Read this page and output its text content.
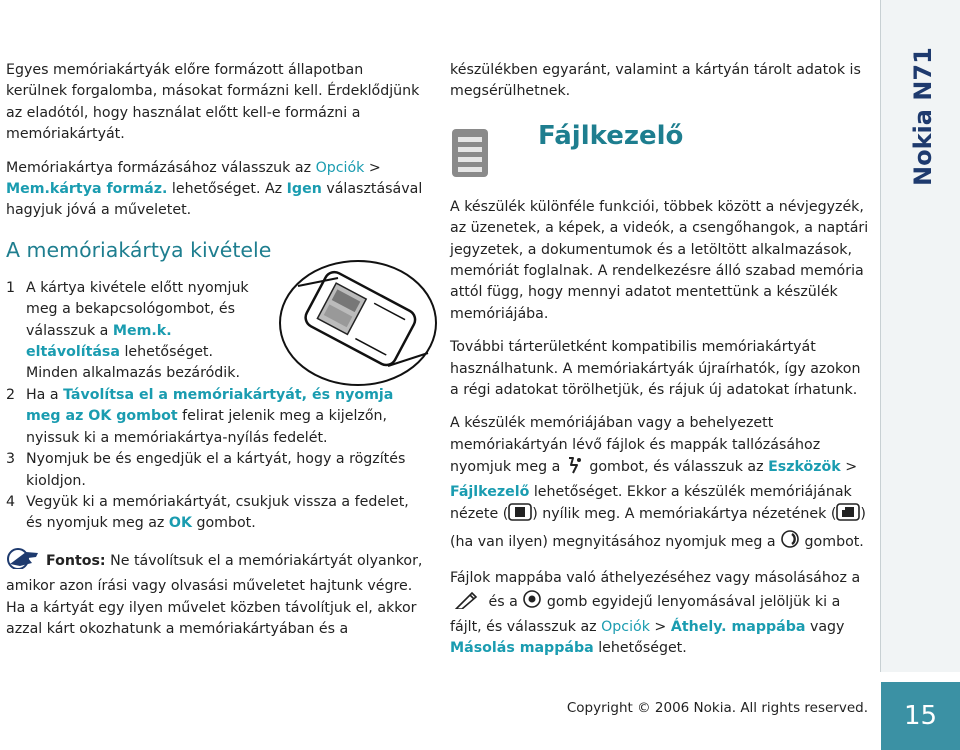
Egyes memóriakártyák előre formázott állapotban kerülnek forgalomba, másokat formázni kell. Érdeklődjünk az eladótól, hogy használat előtt kell-e formázni a memóriakártyát.

Memóriakártya formázásához válasszuk az Opciók > Mem.kártya formáz. lehetőséget. Az Igen választásával hagyjuk jóvá a műveletet.

A memóriakártya kivétele
1 A kártya kivétele előtt nyomjuk meg a bekapcsológombot, és válasszuk a Mem.k. eltávolítása lehetőséget. Minden alkalmazás bezáródik.
2 Ha a Távolítsa el a memóriakártyát, és nyomja meg az OK gombot felirat jelenik meg a kijelzőn, nyissuk ki a memóriakártya-nyílás fedelét.
3 Nyomjuk be és engedjük el a kártyát, hogy a rögzítés kioldjon.
4 Vegyük ki a memóriakártyát, csukjuk vissza a fedelet, és nyomjuk meg az OK gombot.

Fontos: Ne távolítsuk el a memóriakártyát olyankor, amikor azon írási vagy olvasási műveletet hajtunk végre. Ha a kártyát egy ilyen művelet közben távolítjuk el, akkor azzal kárt okozhatunk a memóriakártyában és a

készülékben egyaránt, valamint a kártyán tárolt adatok is megsérülhetnek.

Fájlkezelő

A készülék különféle funkciói, többek között a névjegyzék, az üzenetek, a képek, a videók, a csengőhangok, a naptári jegyzetek, a dokumentumok és a letöltött alkalmazások, memóriát foglalnak. A rendelkezésre álló szabad memória attól függ, hogy mennyi adatot mentettünk a készülék memóriájába.

További tárterületként kompatibilis memóriakártyát használhatunk. A memóriakártyák újraírhatók, így azokon a régi adatokat törölhetjük, és rájuk új adatokat írhatunk.

A készülék memóriájában vagy a behelyezett memóriakártyán lévő fájlok és mappák tallózásához nyomjuk meg a  gombot, és válasszuk az Eszközök > Fájlkezelő lehetőséget. Ekkor a készülék memóriájának nézete ( ) nyílik meg. A memóriakártya nézetének ( ) (ha van ilyen) megnyitásához nyomjuk meg a  gombot.

Fájlok mappába való áthelyezéséhez vagy másolásához a  és a  gomb egyidejű lenyomásával jelöljük ki a fájlt, és válasszuk az Opciók > Áthely. mappába vagy Másolás mappába lehetőséget.

Nokia N71
Copyright © 2006 Nokia. All rights reserved.	15
